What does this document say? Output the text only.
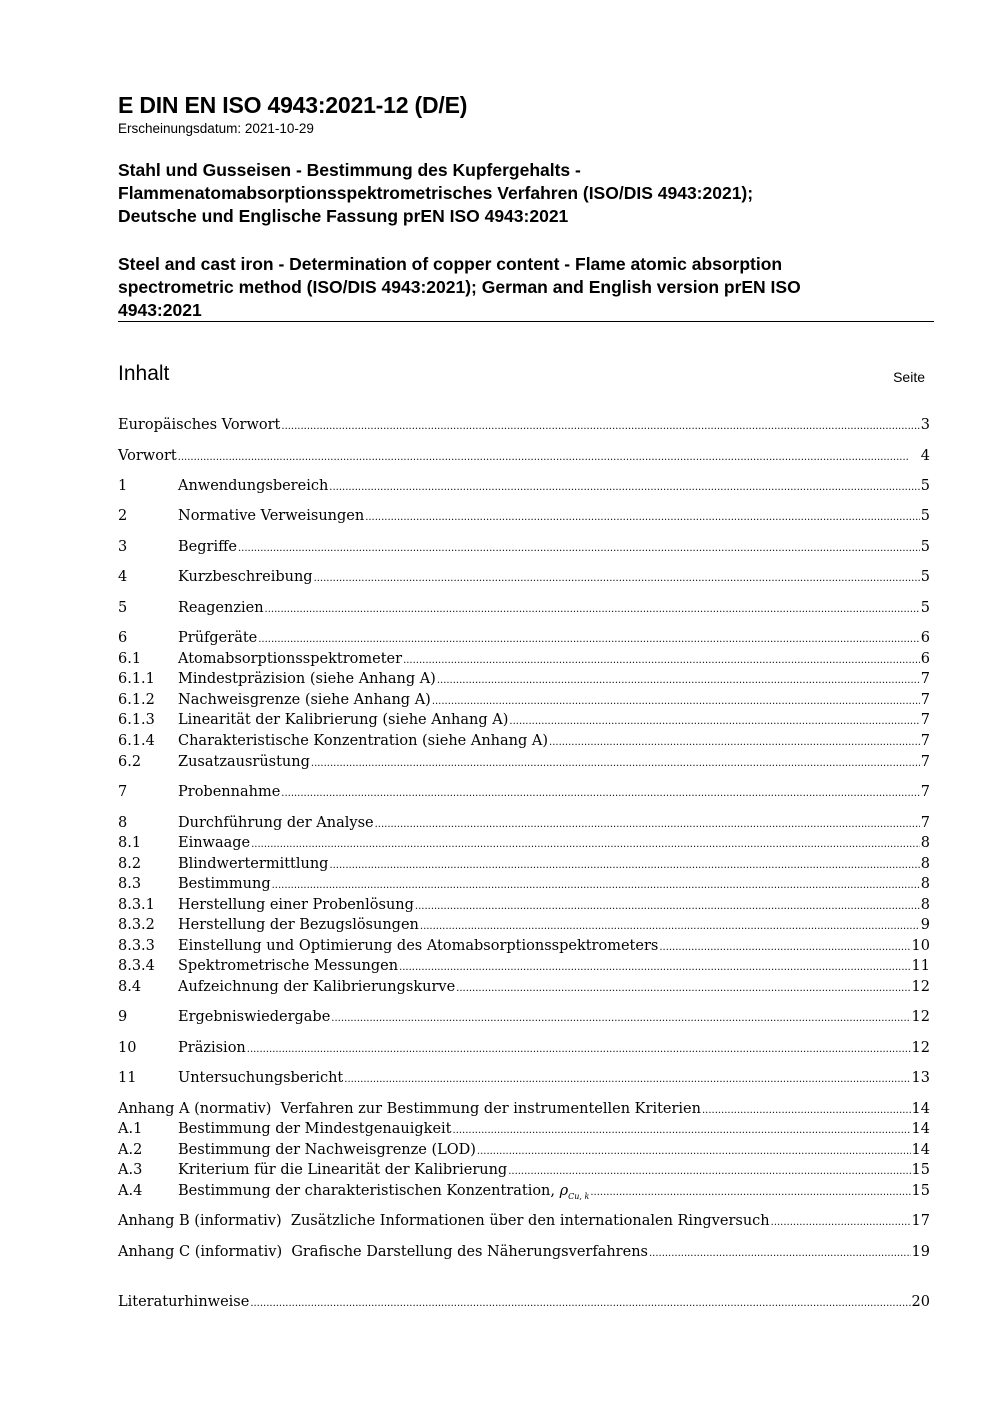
E DIN EN ISO 4943:2021-12 (D/E)
Erscheinungsdatum: 2021-10-29
Stahl und Gusseisen - Bestimmung des Kupfergehalts -
Flammenatomabsorptionsspektrometrisches Verfahren (ISO/DIS 4943:2021);
Deutsche und Englische Fassung prEN ISO 4943:2021
Steel and cast iron - Determination of copper content - Flame atomic absorption
spectrometric method (ISO/DIS 4943:2021); German and English version prEN ISO
4943:2021
Inhalt	Seite
Europäisches Vorwort .....	3
Vorwort .....	4
1	Anwendungsbereich .....	5
2	Normative Verweisungen .....	5
3	Begriffe .....	5
4	Kurzbeschreibung .....	5
5	Reagenzien .....	5
6	Prüfgeräte .....	6
6.1	Atomabsorptionsspektrometer .....	6
6.1.1	Mindestpräzision (siehe Anhang A) .....	7
6.1.2	Nachweisgrenze (siehe Anhang A) .....	7
6.1.3	Linearität der Kalibrierung (siehe Anhang A) .....	7
6.1.4	Charakteristische Konzentration (siehe Anhang A) .....	7
6.2	Zusatzausrüstung .....	7
7	Probennahme .....	7
8	Durchführung der Analyse .....	7
8.1	Einwaage .....	8
8.2	Blindwertermittlung .....	8
8.3	Bestimmung .....	8
8.3.1	Herstellung einer Probenlösung .....	8
8.3.2	Herstellung der Bezugslösungen .....	9
8.3.3	Einstellung und Optimierung des Atomabsorptionsspektrometers .....	10
8.3.4	Spektrometrische Messungen .....	11
8.4	Aufzeichnung der Kalibrierungskurve .....	12
9	Ergebniswiedergabe .....	12
10	Präzision .....	12
11	Untersuchungsbericht .....	13
Anhang A (normativ)  Verfahren zur Bestimmung der instrumentellen Kriterien .....	14
A.1	Bestimmung der Mindestgenauigkeit .....	14
A.2	Bestimmung der Nachweisgrenze (LOD) .....	14
A.3	Kriterium für die Linearität der Kalibrierung .....	15
A.4	Bestimmung der charakteristischen Konzentration, $\rho_{Cu, k}$ .....	15
Anhang B (informativ)  Zusätzliche Informationen über den internationalen Ringversuch .....	17
Anhang C (informativ)  Grafische Darstellung des Näherungsverfahrens .....	19
Literaturhinweise .....	20
